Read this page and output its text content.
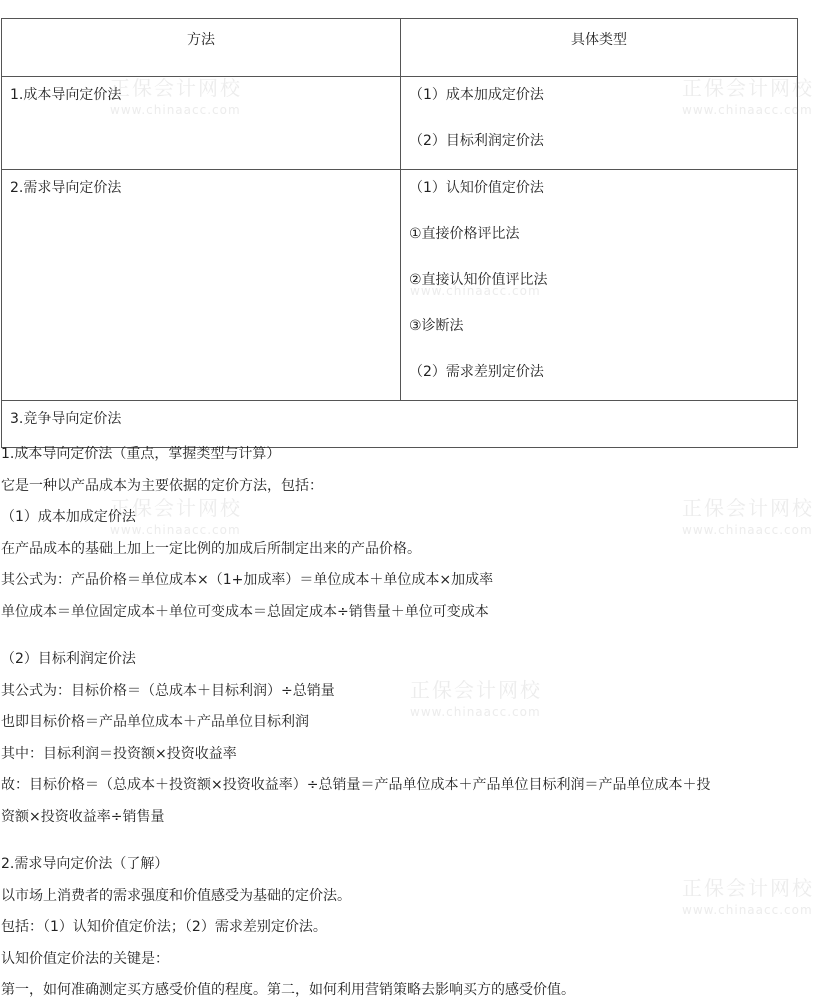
正保会计网校
www.chinaacc.com
正保会计网校
www.chinaacc.com
www.chinaacc.com
正保会计网校
www.chinaacc.com
正保会计网校
www.chinaacc.com
正保会计网校
www.chinaacc.com
正保会计网校
www.chinaacc.com
方法	具体类型

1.成本导向定价法	（1）成本加成定价法
（2）目标利润定价法

2.需求导向定价法	（1）认知价值定价法
①直接价格评比法
②直接认知价值评比法
③诊断法
（2）需求差别定价法

3.竞争导向定价法	
1.成本导向定价法（重点，掌握类型与计算）
它是一种以产品成本为主要依据的定价方法，包括：
（1）成本加成定价法
在产品成本的基础上加上一定比例的加成后所制定出来的产品价格。
其公式为：产品价格＝单位成本×（1+加成率）＝单位成本＋单位成本×加成率
单位成本＝单位固定成本＋单位可变成本＝总固定成本÷销售量＋单位可变成本
（2）目标利润定价法
其公式为：目标价格＝（总成本＋目标利润）÷总销量
也即目标价格＝产品单位成本＋产品单位目标利润
其中：目标利润＝投资额×投资收益率
故：目标价格＝（总成本＋投资额×投资收益率）÷总销量＝产品单位成本＋产品单位目标利润＝产品单位成本＋投
资额×投资收益率÷销售量
2.需求导向定价法（了解）
以市场上消费者的需求强度和价值感受为基础的定价法。
包括：（1）认知价值定价法；（2）需求差别定价法。
认知价值定价法的关键是：
第一，如何准确测定买方感受价值的程度。第二，如何利用营销策略去影响买方的感受价值。
